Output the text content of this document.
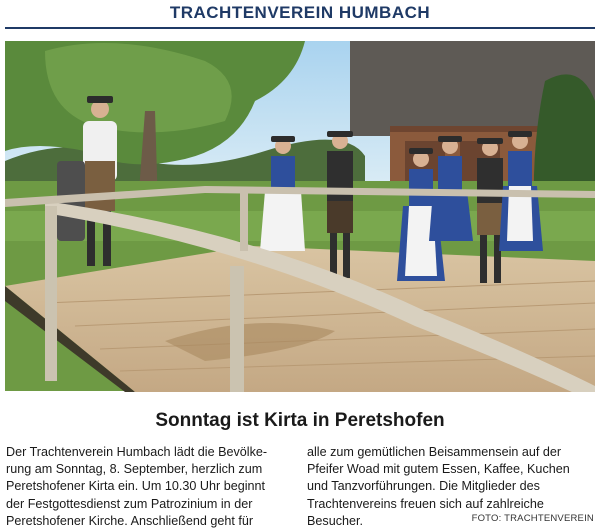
TRACHTENVEREIN HUMBACH
Sonntag ist Kirta in Peretshofen
Der Trachtenverein Humbach lädt die Bevölke-
rung am Sonntag, 8. September, herzlich zum
Peretshofener Kirta ein. Um 10.30 Uhr beginnt
der Festgottesdienst zum Patrozinium in der
Peretshofener Kirche. Anschließend geht für
alle zum gemütlichen Beisammensein auf der
Pfeifer Woad mit gutem Essen, Kaffee, Kuchen
und Tanzvorführungen. Die Mitglieder des
Trachtenvereins freuen sich auf zahlreiche
Besucher.	FOTO: TRACHTENVEREIN
